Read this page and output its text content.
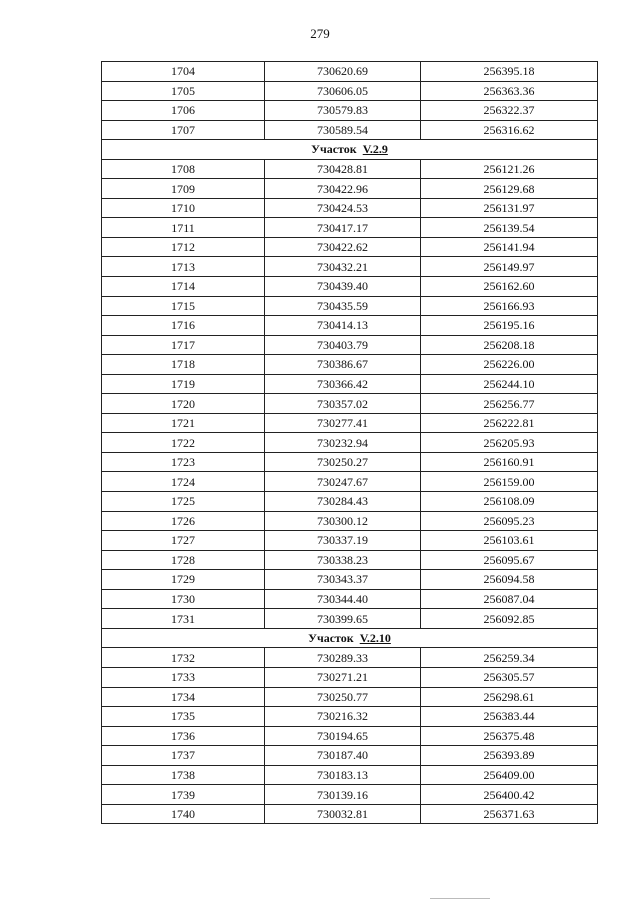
279
1704	730620.69	256395.18
1705	730606.05	256363.36
1706	730579.83	256322.37
1707	730589.54	256316.62
Участок V.2.9		
1708	730428.81	256121.26
1709	730422.96	256129.68
1710	730424.53	256131.97
1711	730417.17	256139.54
1712	730422.62	256141.94
1713	730432.21	256149.97
1714	730439.40	256162.60
1715	730435.59	256166.93
1716	730414.13	256195.16
1717	730403.79	256208.18
1718	730386.67	256226.00
1719	730366.42	256244.10
1720	730357.02	256256.77
1721	730277.41	256222.81
1722	730232.94	256205.93
1723	730250.27	256160.91
1724	730247.67	256159.00
1725	730284.43	256108.09
1726	730300.12	256095.23
1727	730337.19	256103.61
1728	730338.23	256095.67
1729	730343.37	256094.58
1730	730344.40	256087.04
1731	730399.65	256092.85
Участок V.2.10		
1732	730289.33	256259.34
1733	730271.21	256305.57
1734	730250.77	256298.61
1735	730216.32	256383.44
1736	730194.65	256375.48
1737	730187.40	256393.89
1738	730183.13	256409.00
1739	730139.16	256400.42
1740	730032.81	256371.63
